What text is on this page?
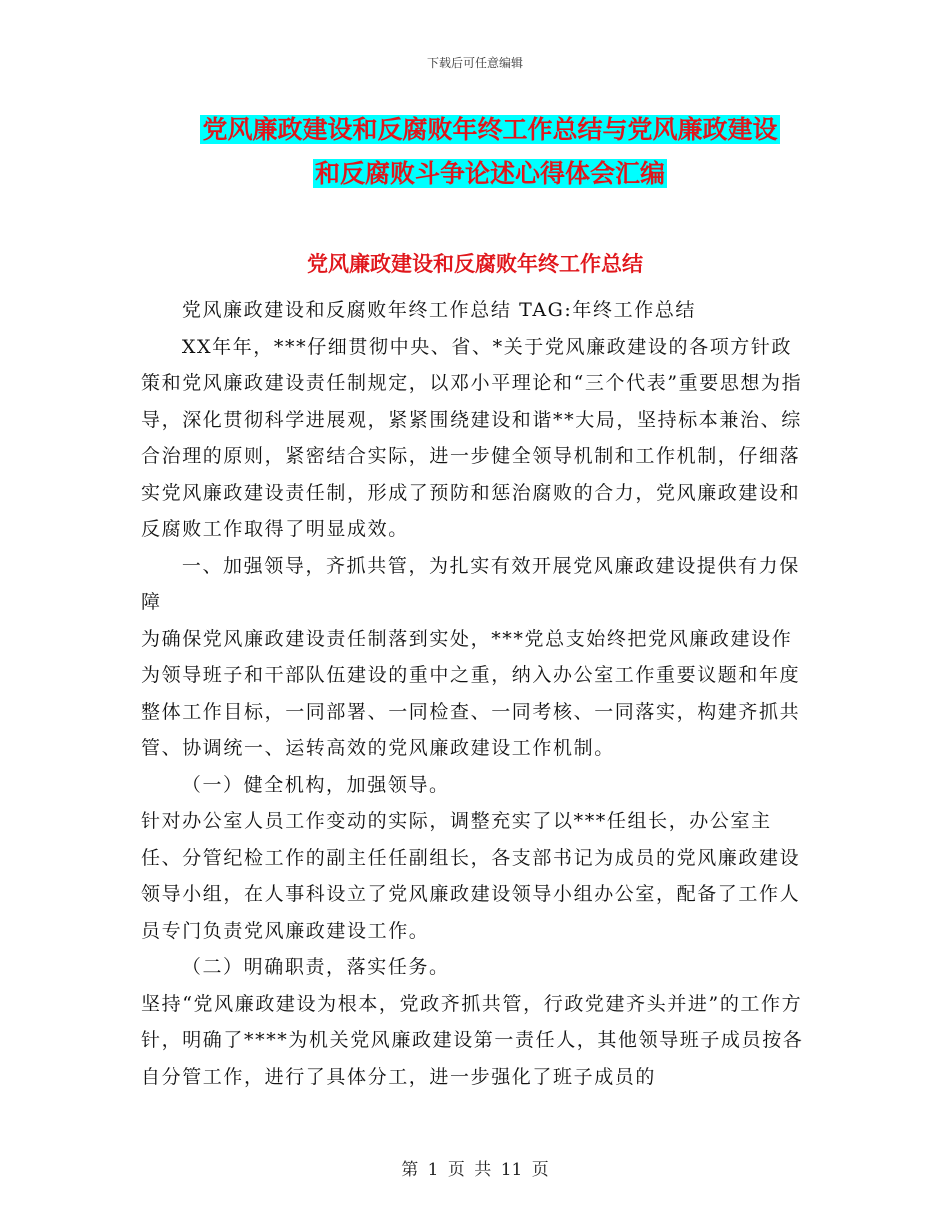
下载后可任意编辑
党风廉政建设和反腐败年终工作总结与党风廉政建设
和反腐败斗争论述心得体会汇编
党风廉政建设和反腐败年终工作总结

党风廉政建设和反腐败年终工作总结 TAG:年终工作总结

XX年年，***仔细贯彻中央、省、*关于党风廉政建设的各项方针政策和党风廉政建设责任制规定，以邓小平理论和“三个代表”重要思想为指导，深化贯彻科学进展观，紧紧围绕建设和谐**大局，坚持标本兼治、综合治理的原则，紧密结合实际，进一步健全领导机制和工作机制，仔细落实党风廉政建设责任制，形成了预防和惩治腐败的合力，党风廉政建设和反腐败工作取得了明显成效。

一、加强领导，齐抓共管，为扎实有效开展党风廉政建设提供有力保障

为确保党风廉政建设责任制落到实处，***党总支始终把党风廉政建设作为领导班子和干部队伍建设的重中之重，纳入办公室工作重要议题和年度整体工作目标，一同部署、一同检查、一同考核、一同落实，构建齐抓共管、协调统一、运转高效的党风廉政建设工作机制。

（一）健全机构，加强领导。

针对办公室人员工作变动的实际，调整充实了以***任组长，办公室主任、分管纪检工作的副主任任副组长，各支部书记为成员的党风廉政建设领导小组，在人事科设立了党风廉政建设领导小组办公室，配备了工作人员专门负责党风廉政建设工作。

（二）明确职责，落实任务。

坚持“党风廉政建设为根本，党政齐抓共管，行政党建齐头并进”的工作方针，明确了****为机关党风廉政建设第一责任人，其他领导班子成员按各自分管工作，进行了具体分工，进一步强化了班子成员的

第 1 页 共 11 页
